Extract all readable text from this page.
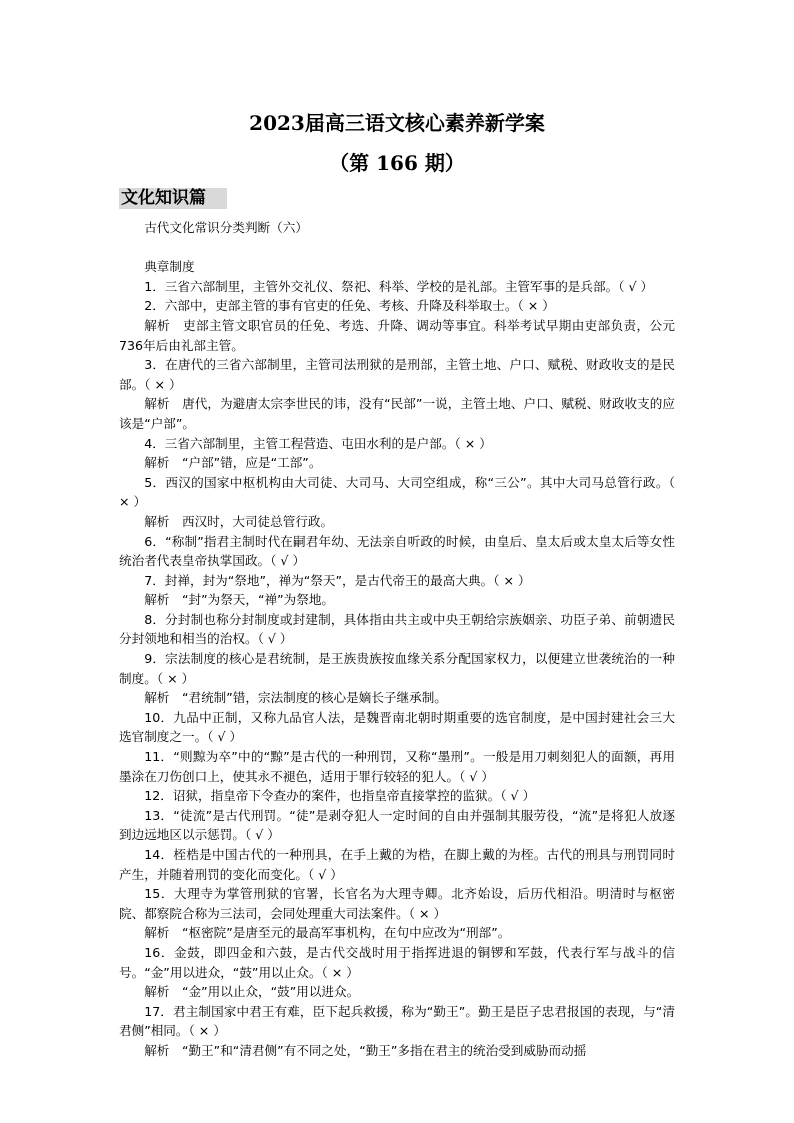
2023届高三语文核心素养新学案
（第 166 期）
文化知识篇

古代文化常识分类判断（六）

典章制度

1．三省六部制里，主管外交礼仪、祭祀、科举、学校的是礼部。主管军事的是兵部。（ √ ）

2．六部中，吏部主管的事有官吏的任免、考核、升降及科举取士。（ × ）

解析　吏部主管文职官员的任免、考选、升降、调动等事宜。科举考试早期由吏部负责，公元736年后由礼部主管。

3．在唐代的三省六部制里，主管司法刑狱的是刑部，主管土地、户口、赋税、财政收支的是民部。（ × ）

解析　唐代，为避唐太宗李世民的讳，没有“民部”一说，主管土地、户口、赋税、财政收支的应该是“户部”。

4．三省六部制里，主管工程营造、屯田水利的是户部。（ × ）

解析　“户部”错，应是“工部”。

5．西汉的国家中枢机构由大司徒、大司马、大司空组成，称“三公”。其中大司马总管行政。（ × ）

解析　西汉时，大司徒总管行政。

6．“称制”指君主制时代在嗣君年幼、无法亲自听政的时候，由皇后、皇太后或太皇太后等女性统治者代表皇帝执掌国政。（ √ ）

7．封禅，封为“祭地”，禅为“祭天”，是古代帝王的最高大典。（ × ）

解析　“封”为祭天，“禅”为祭地。

8．分封制也称分封制度或封建制，具体指由共主或中央王朝给宗族姻亲、功臣子弟、前朝遗民分封领地和相当的治权。（ √ ）

9．宗法制度的核心是君统制，是王族贵族按血缘关系分配国家权力，以便建立世袭统治的一种制度。（ × ）

解析　“君统制”错，宗法制度的核心是嫡长子继承制。

10．九品中正制，又称九品官人法，是魏晋南北朝时期重要的选官制度，是中国封建社会三大选官制度之一。（ √ ）

11．“则黥为卒”中的“黥”是古代的一种刑罚，又称“墨刑”。一般是用刀刺刻犯人的面额，再用墨涂在刀伤创口上，使其永不褪色，适用于罪行较轻的犯人。（ √ ）

12．诏狱，指皇帝下令查办的案件，也指皇帝直接掌控的监狱。（ √ ）

13．“徒流”是古代刑罚。“徒”是剥夺犯人一定时间的自由并强制其服劳役，“流”是将犯人放逐到边远地区以示惩罚。（ √ ）

14．桎梏是中国古代的一种刑具，在手上戴的为梏，在脚上戴的为桎。古代的刑具与刑罚同时产生，并随着刑罚的变化而变化。（ √ ）

15．大理寺为掌管刑狱的官署，长官名为大理寺卿。北齐始设，后历代相沿。明清时与枢密院、都察院合称为三法司，会同处理重大司法案件。（ × ）

解析　“枢密院”是唐至元的最高军事机构，在句中应改为“刑部”。

16．金鼓，即四金和六鼓，是古代交战时用于指挥进退的铜锣和军鼓，代表行军与战斗的信号。“金”用以进众，“鼓”用以止众。（ × ）

解析　“金”用以止众，“鼓”用以进众。

17．君主制国家中君王有难，臣下起兵救援，称为“勤王”。勤王是臣子忠君报国的表现，与“清君侧”相同。（ × ）

解析　“勤王”和“清君侧”有不同之处，“勤王”多指在君主的统治受到威胁而动摇
